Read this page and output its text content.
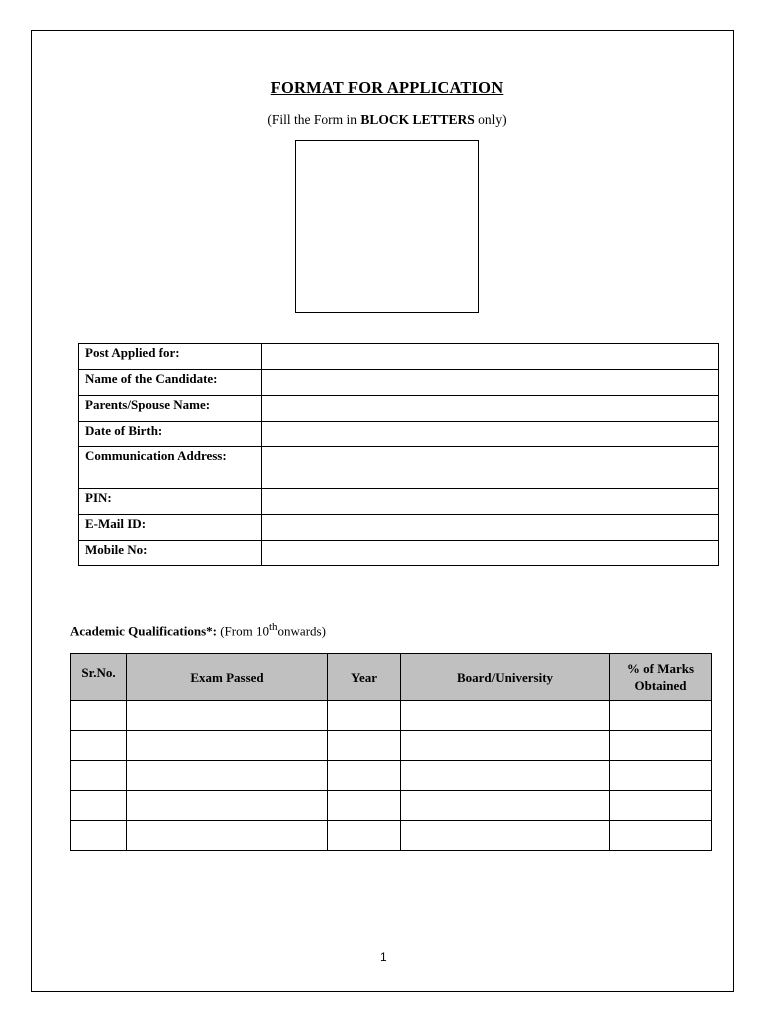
FORMAT FOR APPLICATION
(Fill the Form in BLOCK LETTERS only)
Post Applied for:	
Name of the Candidate:	
Parents/Spouse Name:	
Date of Birth:	
Communication Address:	
PIN:	
E-Mail ID:	
Mobile No:	
Academic Qualifications*: (From 10thonwards)
Sr.No.	Exam Passed	Year	Board/University	% of Marks Obtained

1
